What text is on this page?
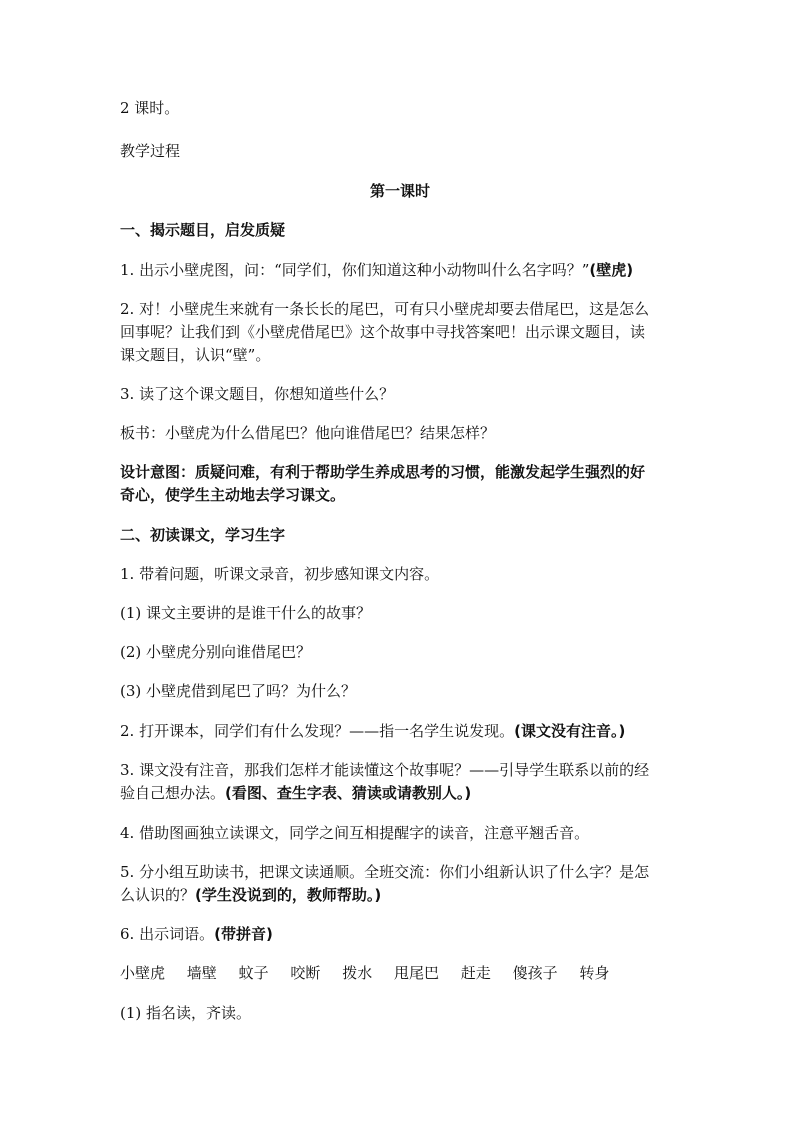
2 课时。
教学过程
第一课时
一、揭示题目，启发质疑
1. 出示小壁虎图，问：“同学们，你们知道这种小动物叫什么名字吗？”(壁虎)
2. 对！小壁虎生来就有一条长长的尾巴，可有只小壁虎却要去借尾巴，这是怎么
回事呢？让我们到《小壁虎借尾巴》这个故事中寻找答案吧！出示课文题目，读
课文题目，认识“壁”。
3. 读了这个课文题目，你想知道些什么？
板书：小壁虎为什么借尾巴？他向谁借尾巴？结果怎样？
设计意图：质疑问难，有利于帮助学生养成思考的习惯，能激发起学生强烈的好
奇心，使学生主动地去学习课文。
二、初读课文，学习生字
1. 带着问题，听课文录音，初步感知课文内容。
(1) 课文主要讲的是谁干什么的故事？
(2) 小壁虎分别向谁借尾巴？
(3) 小壁虎借到尾巴了吗？为什么？
2. 打开课本，同学们有什么发现？——指一名学生说发现。(课文没有注音。)
3. 课文没有注音，那我们怎样才能读懂这个故事呢？——引导学生联系以前的经
验自己想办法。(看图、查生字表、猜读或请教别人。)
4. 借助图画独立读课文，同学之间互相提醒字的读音，注意平翘舌音。
5. 分小组互助读书，把课文读通顺。全班交流：你们小组新认识了什么字？是怎
么认识的？(学生没说到的，教师帮助。)
6. 出示词语。(带拼音)
小壁虎 墙壁 蚊子 咬断 拨水 甩尾巴 赶走 傻孩子 转身
(1) 指名读，齐读。
